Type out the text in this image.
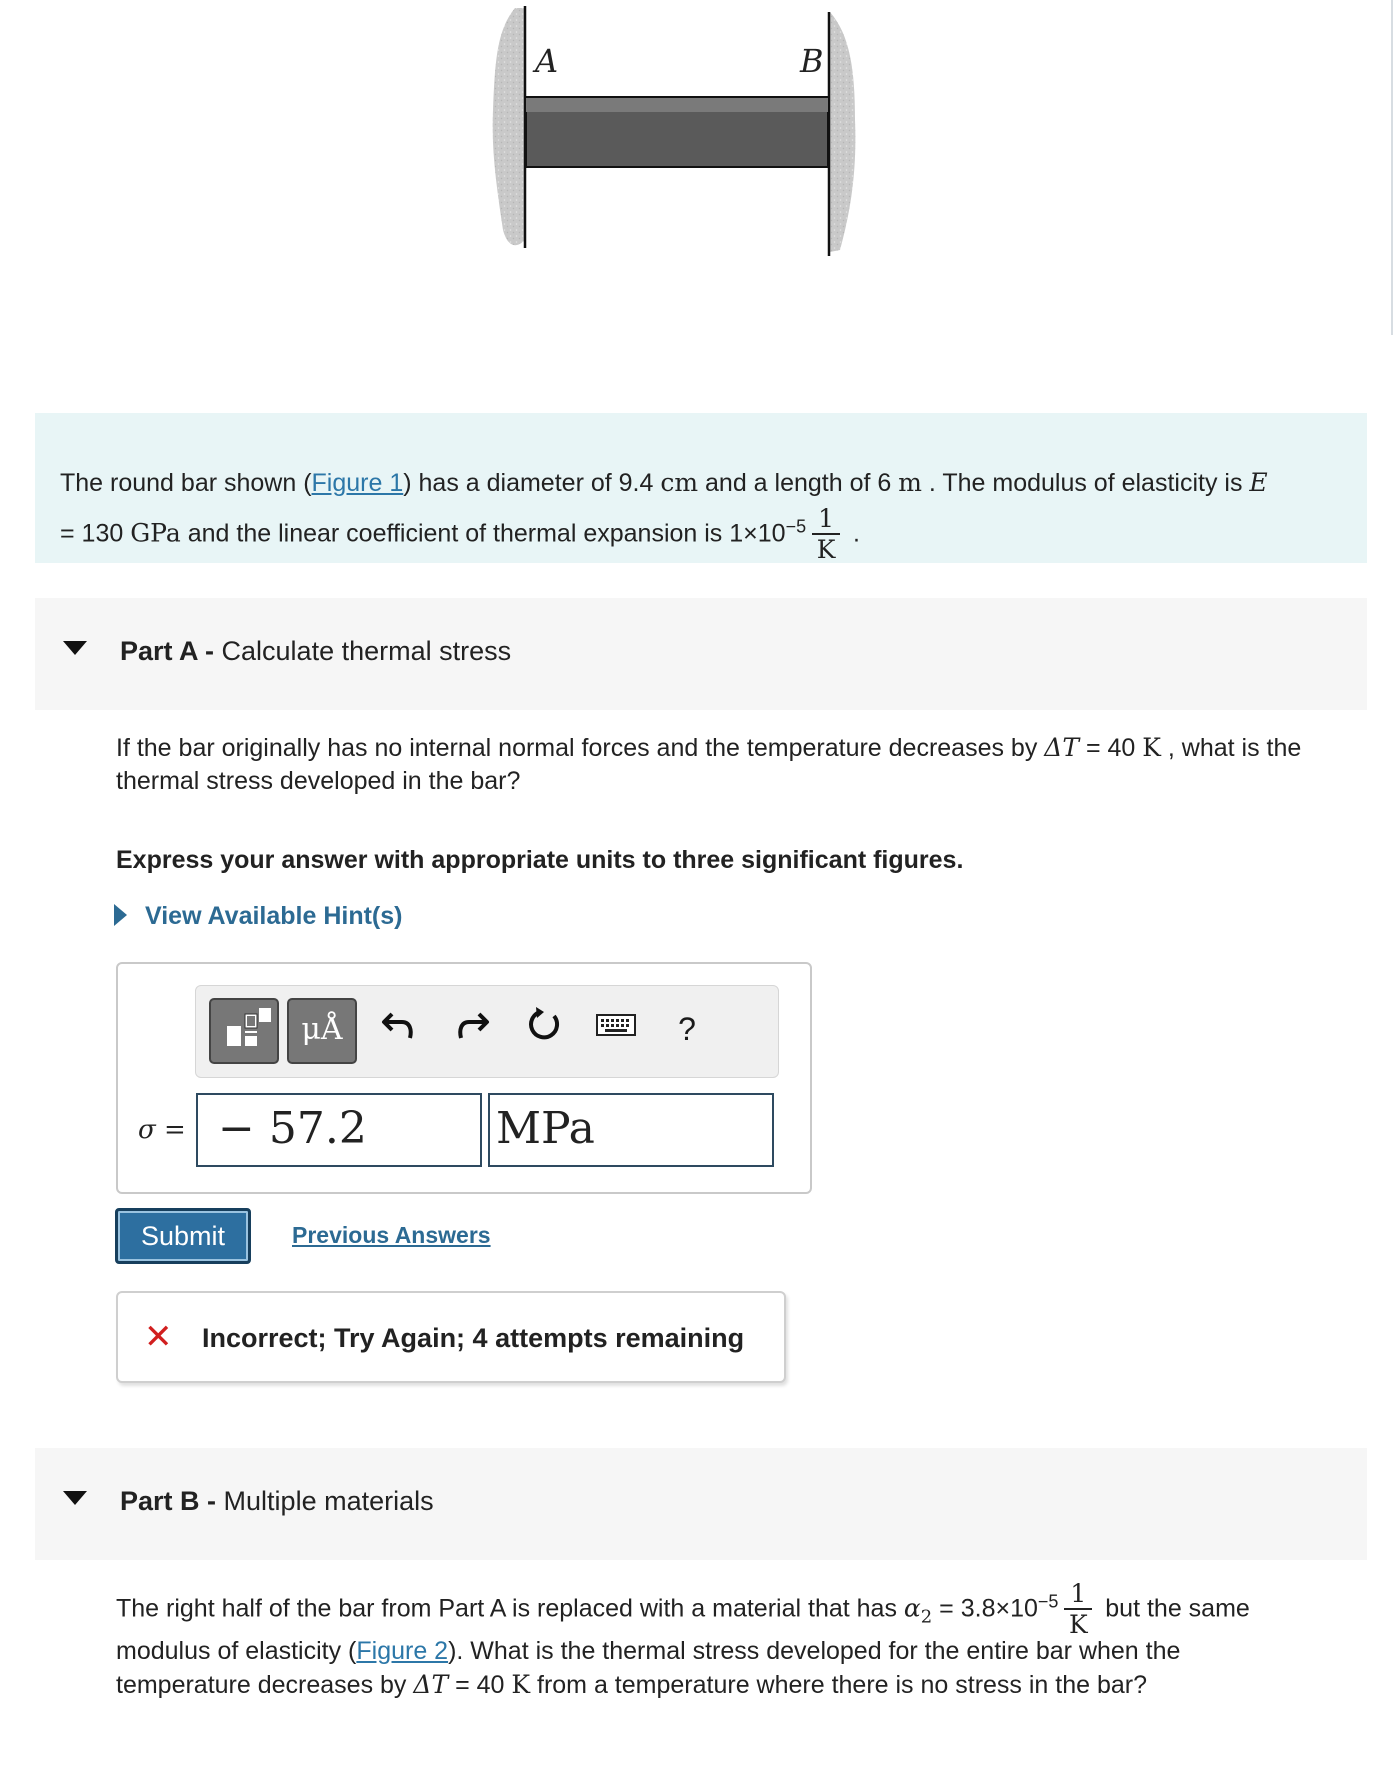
A	B
The round bar shown (Figure 1) has a diameter of 9.4 cm and a length of 6 m . The modulus of elasticity is E
= 130 GPa and the linear coefficient of thermal expansion is $1\times 10^{-5} \frac{1}{K}$ .
Part A - Calculate thermal stress
If the bar originally has no internal normal forces and the temperature decreases by ΔT = 40 K , what is the
thermal stress developed in the bar?
Express your answer with appropriate units to three significant figures.
View Available Hint(s)
μÅ	?
σ = − 57.2	MPa
Submit	Previous Answers
✕ Incorrect; Try Again; 4 attempts remaining
Part B - Multiple materials
The right half of the bar from Part A is replaced with a material that has $\alpha_2 = 3.8\times 10^{-5} \frac{1}{K}$ but the same
modulus of elasticity (Figure 2). What is the thermal stress developed for the entire bar when the
temperature decreases by ΔT = 40 K from a temperature where there is no stress in the bar?
